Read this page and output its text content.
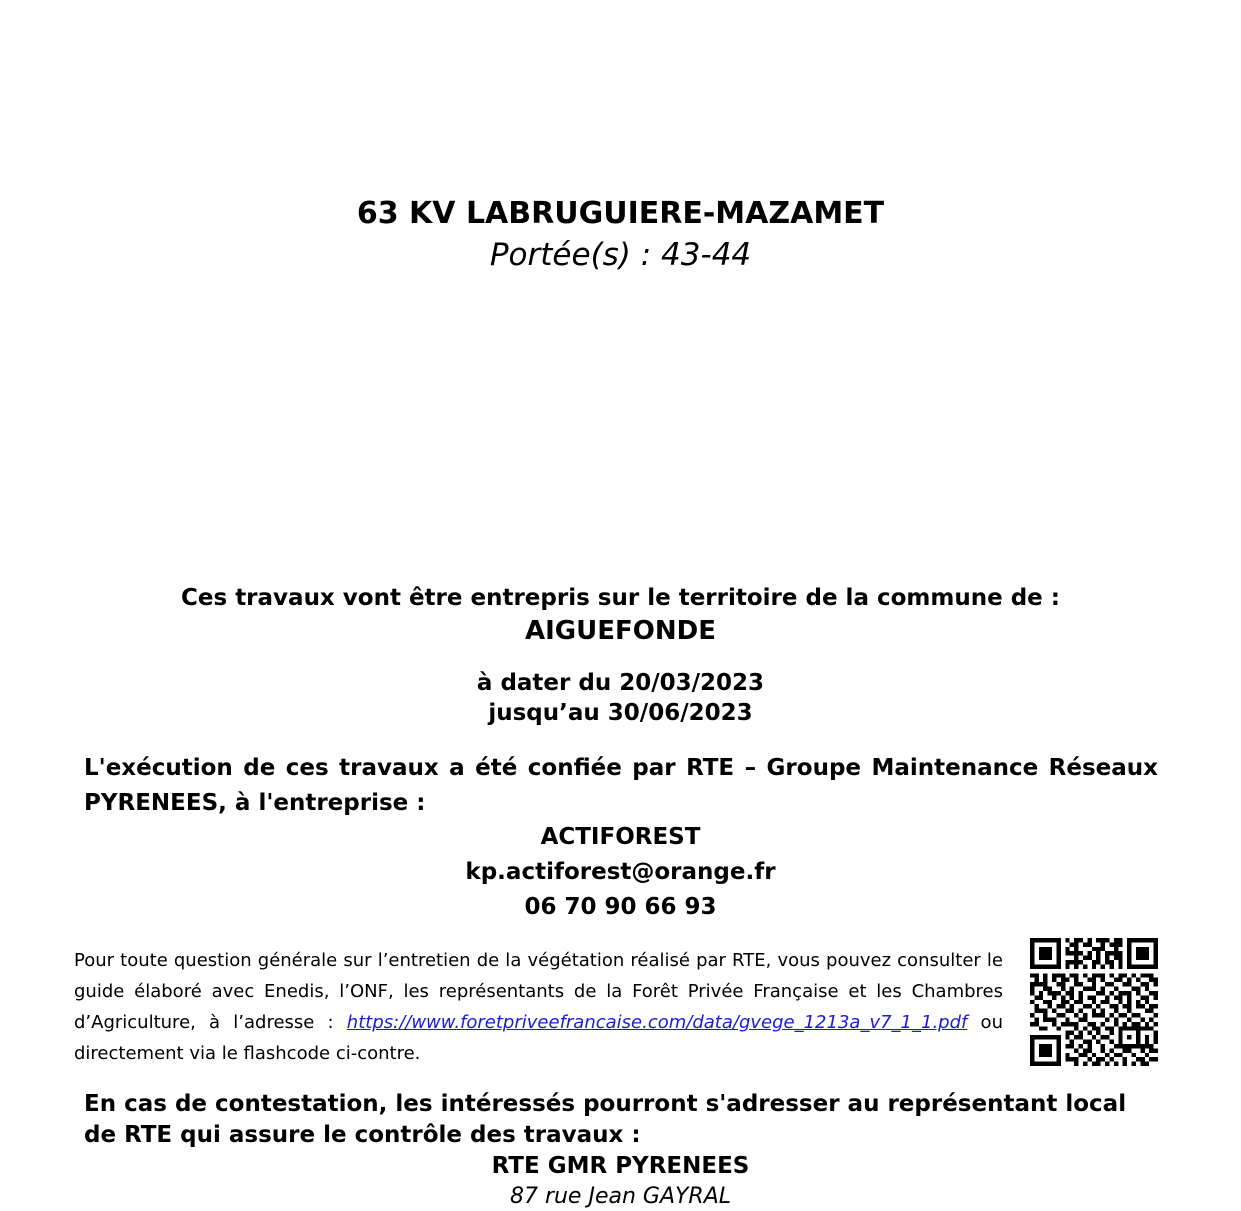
63 KV LABRUGUIERE-MAZAMET
Portée(s) : 43-44
Ces travaux vont être entrepris sur le territoire de la commune de :
AIGUEFONDE
à dater du 20/03/2023
jusqu’au 30/06/2023
L'exécution de ces travaux a été confiée par RTE – Groupe Maintenance Réseaux PYRENEES, à l'entreprise :
ACTIFOREST
kp.actiforest@orange.fr
06 70 90 66 93
Pour toute question générale sur l’entretien de la végétation réalisé par RTE, vous pouvez consulter le guide élaboré avec Enedis, l’ONF, les représentants de la Forêt Privée Française et les Chambres d’Agriculture, à l’adresse : https://www.foretpriveefrancaise.com/data/gvege_1213a_v7_1_1.pdf ou directement via le flashcode ci-contre.
En cas de contestation, les intéressés pourront s'adresser au représentant local de RTE qui assure le contrôle des travaux :
RTE GMR PYRENEES
87 rue Jean GAYRAL
